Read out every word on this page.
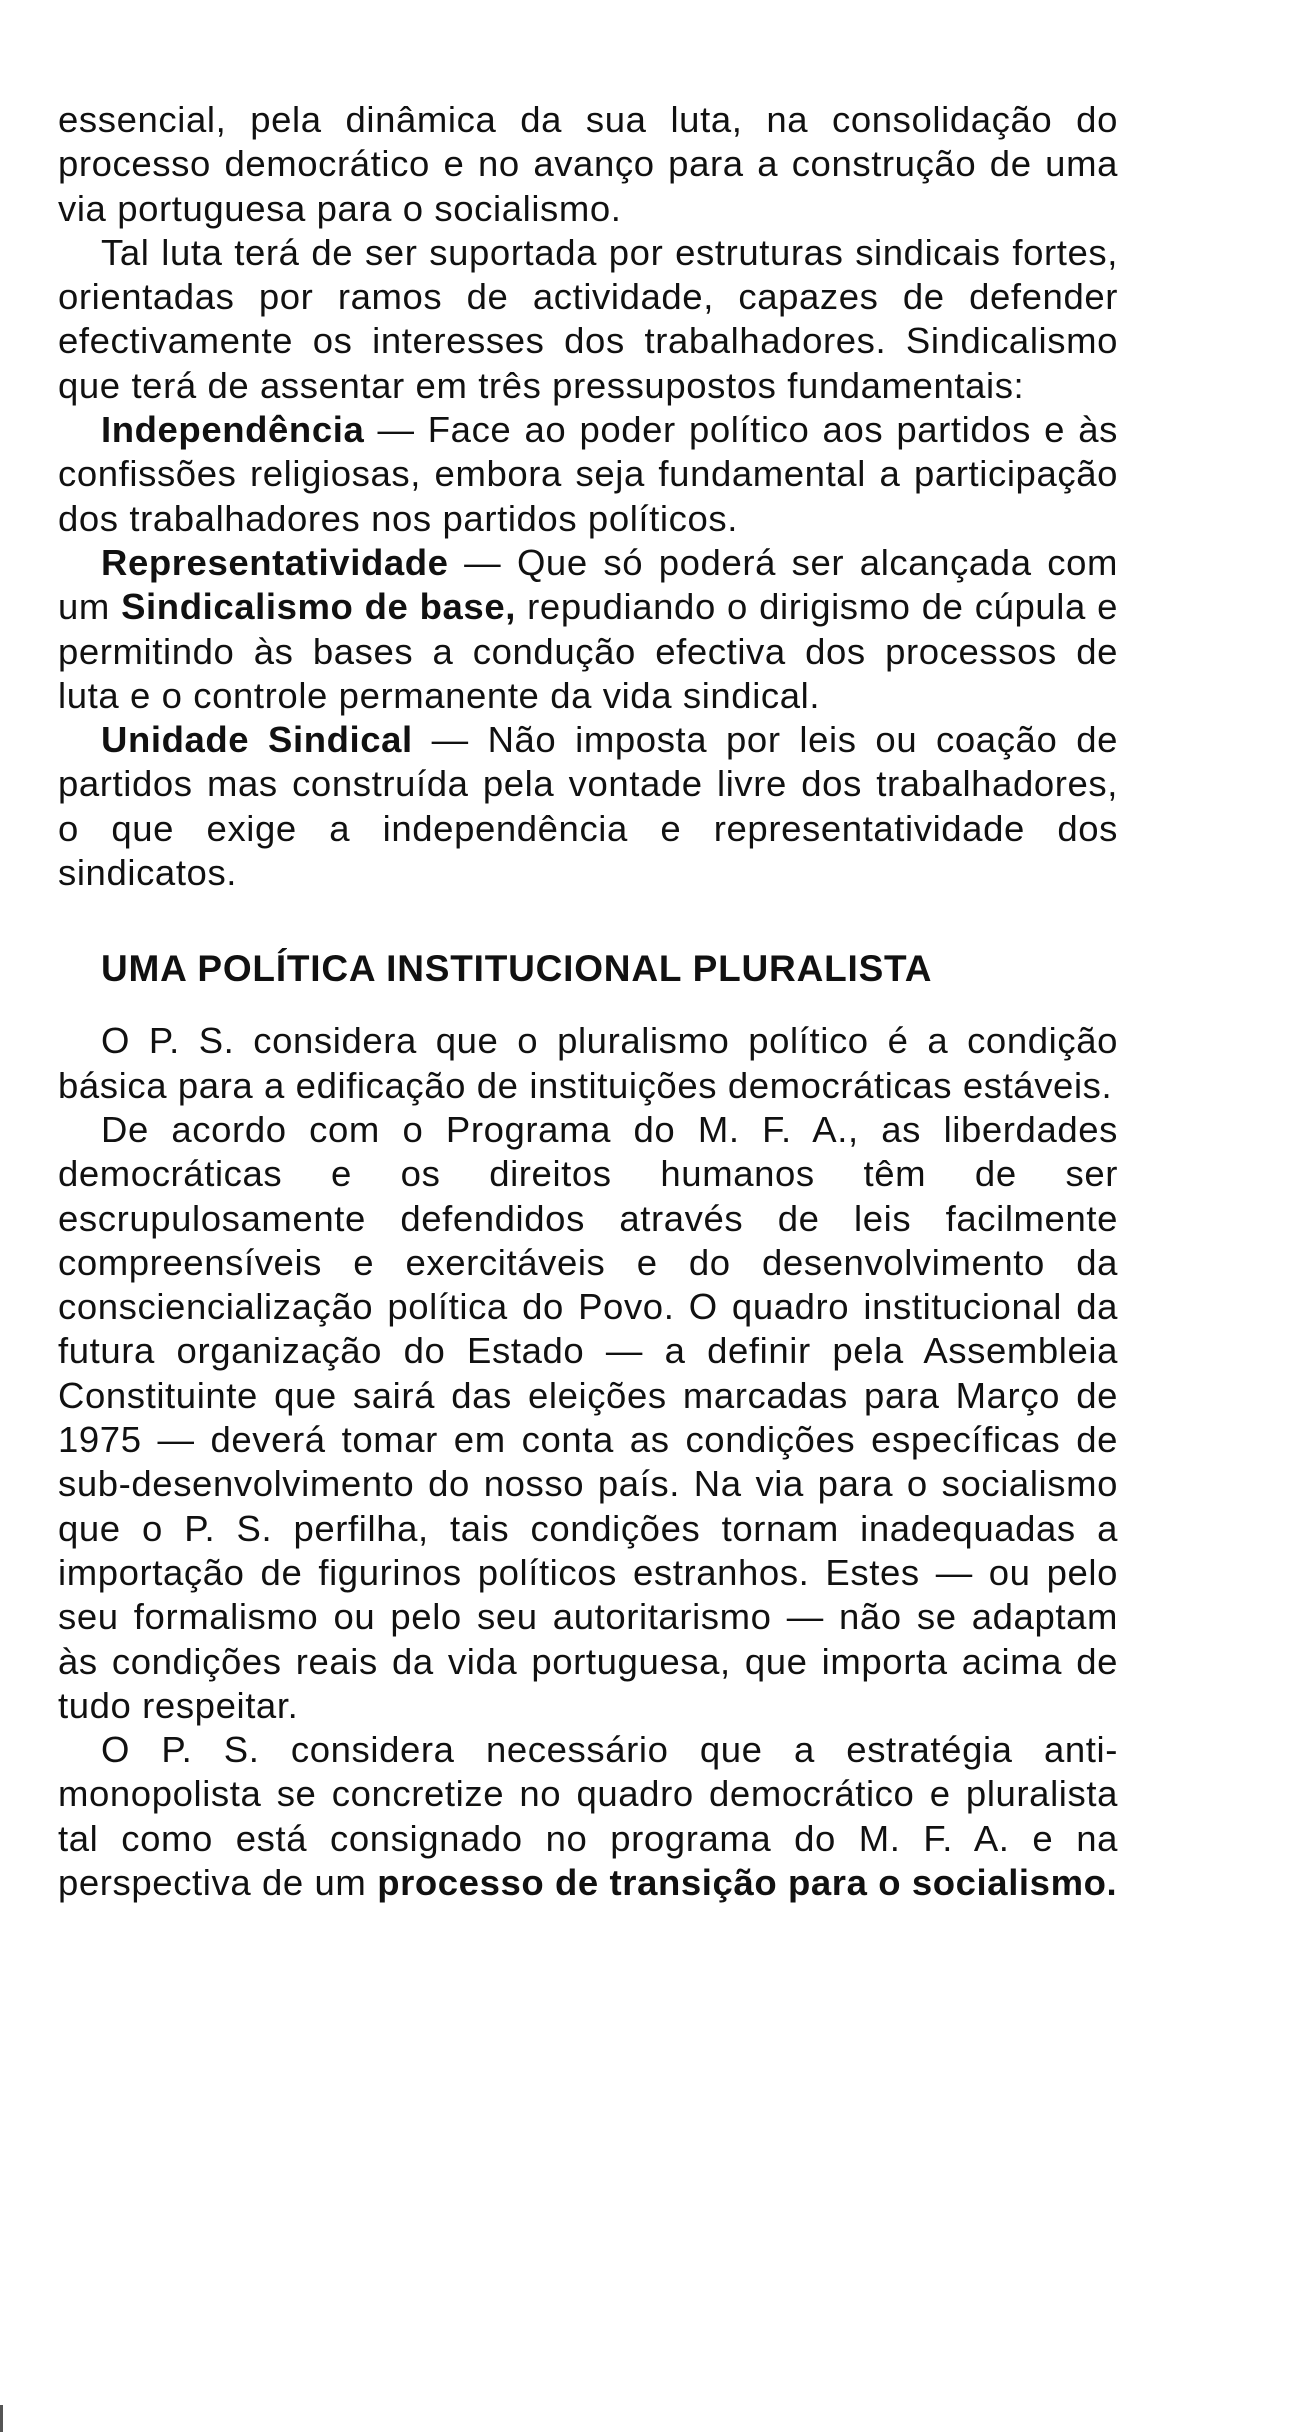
essencial, pela dinâmica da sua luta, na consolidação do processo democrático e no avanço para a construção de uma via portuguesa para o socialismo.

Tal luta terá de ser suportada por estruturas sindicais fortes, orientadas por ramos de actividade, capazes de defender efectivamente os interesses dos trabalhadores. Sindicalismo que terá de assentar em três pressupostos fundamentais:

Independência — Face ao poder político aos partidos e às confissões religiosas, embora seja fundamental a participação dos trabalhadores nos partidos políticos.

Representatividade — Que só poderá ser alcançada com um Sindicalismo de base, repudiando o dirigismo de cúpula e permitindo às bases a condução efectiva dos processos de luta e o controle permanente da vida sindical.

Unidade Sindical — Não imposta por leis ou coação de partidos mas construída pela vontade livre dos trabalhadores, o que exige a independência e representatividade dos sindicatos.

UMA POLÍTICA INSTITUCIONAL PLURALISTA

O P. S. considera que o pluralismo político é a condição básica para a edificação de instituições democráticas estáveis.

De acordo com o Programa do M. F. A., as liberdades democráticas e os direitos humanos têm de ser escrupulosamente defendidos através de leis facilmente compreensíveis e exercitáveis e do desenvolvimento da consciencialização política do Povo. O quadro institucional da futura organização do Estado — a definir pela Assembleia Constituinte que sairá das eleições marcadas para Março de 1975 — deverá tomar em conta as condições específicas de sub-desenvolvimento do nosso país. Na via para o socialismo que o P. S. perfilha, tais condições tornam inadequadas a importação de figurinos políticos estranhos. Estes — ou pelo seu formalismo ou pelo seu autoritarismo — não se adaptam às condições reais da vida portuguesa, que importa acima de tudo respeitar.

O P. S. considera necessário que a estratégia anti-monopolista se concretize no quadro democrático e pluralista tal como está consignado no programa do M. F. A. e na perspectiva de um processo de transição para o socialismo.
